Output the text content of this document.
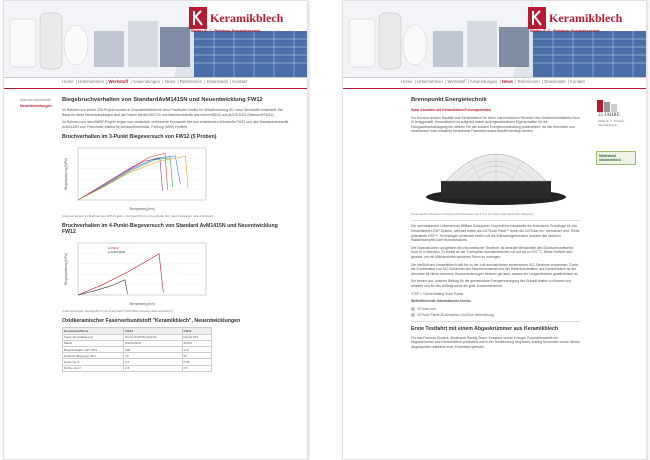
Keramikblech
Walter E. C. Pritzkow Spezialkeramik
Home | Unternehmen | Werkstoff | Anwendungen | News | Referenzen | Downloads | Kontakt
Standardwerkstoffe
Neuentwicklungen
Biegebruchverhalten von StandardAvM1415N und Neuentwicklung FW12

Im Rahmen von einem ZIM-Projekt wurden in Zusammenarbeit mit dem Fraunhofer-Institut für Silicatforschung ISC neue Werkstoffe entwickelt. Die Basis für diese Neuentwicklungen sind die Fasern Nextel 610/720 und Matrixwerkstoffe aus reinem Al2O3 und Al2O3-SiO2 (Werkstoff FW12).

Im Rahmen von dem BMBF-Projekt zeigen sich wesentlich verbesserte Kennwerte des neu entwickelten Werkstoffs FW12 und des Standardwerkstoffs AvM1415N vom Fraunhofer-Institut für Werkstoffmechanik, Freiburg (IWM) ermittelt.

Bruchverhalten im 3-Punkt Biegeversuch von FW12 (5 Proben)
Stempelweg [mm]
Biegespannung [MPa]

Untersuchungen im Rahmen des ZIM-Projekts, durchgeführt vom Fraunhofer ISC (nach Vorgaben bitte anfordern)

Bruchverhalten im 4-Punkt-Biegeversuch von Standard AvM1415N und Neuentwicklung FW12
Stempelweg [mm]
Biegespannung [MPa]
● FW12
● AvM1415N

Untersuchungen durchgeführt vom Fraunhofer IWM (Bitte Arbeiten dazu anfordern)

Oxidkeramischer Faserverbundstoff "Keramikblech", Neuentwicklungen
Kennwerte/Werte	FW12	FW11
Faser (Einzelfilament)	Nextel 610/720 (Al2O3)	Nextel 610
Matrix	Al2O3-SiO2	Al2O3
Biegefestigkeit (3P) MPa	200	170
E-Modul (Biegung) GPa	70	65
Dehnung %	0,4	0,35
Dichte g/cm³	2,6	2,5
Keramikblech
Walter E. C. Pritzkow Spezialkeramik
Home | Unternehmen | Werkstoff | Anwendungen | News | Referenzen | Downloads | Kontakt
25 JAHRE
Walter E. C. Pritzkow Spezialkeramik
Mittelstand industrieblock
Brennpunkt Energietechnik

Solar Absorber mit Keramikblech®-Komponenten

Vor Kurzem wurden Bauteile aus Keramikblech für einen volumetrischen Receiver des Solarturmkraftwerks Noor III fertiggestellt. Keramikblech ist aufgrund seiner außergewöhnlichen Eigenschaften für die Heißgasbeaufschlagung bei diesem Teil der solaren Energieumwandlung prädestiniert, da hier thermisch und mechanisch hoch belastete keramische Faserverbundwerkstoffe benötigt werden.

Keramischer Absorber mit einem Durchmesser von 2,5 m für einen volumetrischen Receiver

Der amerikanische Unternehmer William Solarpower Corporation entwickelte die technische Grundlage für das Keramikblech-CSP-System, welches weiter als 24/7Solar Plant™ durch die 247Solar Inc. vermarktet wird. Diese patentierte CSP™-Technologie verwendet heiße Luft als Wärmeträgermedium anstelle des üblichen Wasserdampfes oder Schmelzsalzes.

Der Solarabsorber, ausgeführt als volumetrischer Receiver, ist zentraler Bestandteil des Solarturmkraftwerks Noor III in Marokko. Er erhitzt an der Turmspitze durchströmende Luft auf bis zu 970 °C. Diese Heißluft wird genutzt, um mit Mikroturbinen sauberen Strom zu erzeugen.

Die Heißluft aus Keramikblech hält bis zu der Luft durchströmten keramischen SiC-Schäume zusammen. Durch die Kombination von SiC-Schäumen als Absorbermaterial und der Halterkonstruktion aus Keramikblech ist der Absorber für diese extremen Herausforderungen bestens gerüstet, sodass ein Langzeitbetrieb gewährleistet ist.

Wir freuen uns, unseren Beitrag für die gemeinsame Energieversorgung der Zukunft leisten zu können und arbeiten uns für den Auftrag sowie die gute Zusammenarbeit.

*CSP = Concentrating Solar Power

Weiterführende Informationen hierzu:

247solar.com
247Solar Plants 3D Animation (YouTube Weiterleitung)
Erste Testfahrt mit einem Abgaskrümmer aus Keramikblech

Für das Formula Student „Bodensee Racing Team“ Konstanz wurde in enger Zusammenarbeit ein Abgaskrümmer aus Keramikblech produziert und in ein Testfahrzeug eingebaut. Anfang November wurde dieses Abgassystem während einer Probefahrt getestet.
